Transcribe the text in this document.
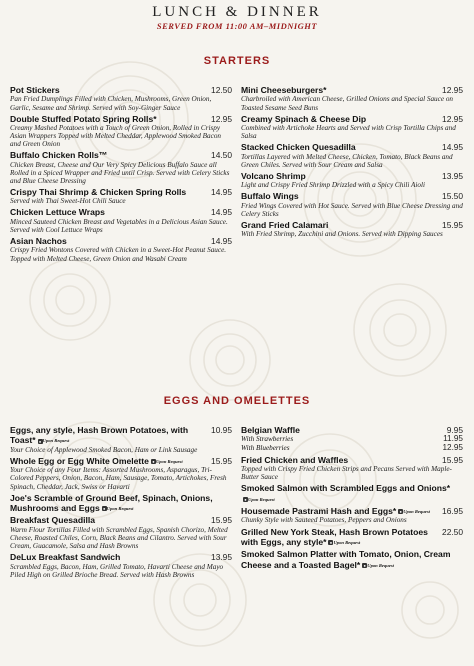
LUNCH & DINNER
SERVED FROM 11:00 AM–MIDNIGHT
STARTERS
Pot Stickers	12.50
Pan Fried Dumplings Filled with Chicken, Mushrooms, Green Onion, Garlic, Sesame and Shrimp. Served with Soy-Ginger Sauce
Double Stuffed Potato Spring Rolls*	12.95
Creamy Mashed Potatoes with a Touch of Green Onion, Rolled in Crispy Asian Wrappers Topped with Melted Cheddar, Applewood Smoked Bacon and Green Onion
Buffalo Chicken Rolls™	14.50
Chicken Breast, Cheese and Our Very Spicy Delicious Buffalo Sauce all Rolled in a Spiced Wrapper and Fried until Crisp. Served with Celery Sticks and Blue Cheese Dressing
Crispy Thai Shrimp & Chicken Spring Rolls	14.95
Served with Thai Sweet-Hot Chili Sauce
Chicken Lettuce Wraps	14.95
Minced Sauteed Chicken Breast and Vegetables in a Delicious Asian Sauce. Served with Cool Lettuce Wraps
Asian Nachos	14.95
Crispy Fried Wontons Covered with Chicken in a Sweet-Hot Peanut Sauce. Topped with Melted Cheese, Green Onion and Wasabi Cream
Mini Cheeseburgers*	12.95
Charbroiled with American Cheese, Grilled Onions and Special Sauce on Toasted Sesame Seed Buns
Creamy Spinach & Cheese Dip	12.95
Combined with Artichoke Hearts and Served with Crisp Tortilla Chips and Salsa
Stacked Chicken Quesadilla	14.95
Tortillas Layered with Melted Cheese, Chicken, Tomato, Black Beans and Green Chiles. Served with Sour Cream and Salsa
Volcano Shrimp	13.95
Light and Crispy Fried Shrimp Drizzled with a Spicy Chili Aioli
Buffalo Wings	15.50
Fried Wings Covered with Hot Sauce. Served with Blue Cheese Dressing and Celery Sticks
Grand Fried Calamari	15.95
With Fried Shrimp, Zucchini and Onions. Served with Dipping Sauces
EGGS AND OMELETTES
Eggs, any style, Hash Brown Potatoes, with Toast* ●Upon Request
10.95
Your Choice of Applewood Smoked Bacon, Ham or Link Sausage
Whole Egg or Egg White Omelette ●Upon Request	15.95
Your Choice of any Four Items: Assorted Mushrooms, Asparagus, Tri-Colored Peppers, Onion, Bacon, Ham, Sausage, Tomato, Artichokes, Fresh Spinach, Cheddar, Jack, Swiss or Havarti
Joe's Scramble of Ground Beef, Spinach, Onions, Mushrooms and Eggs ●Upon Request
Breakfast Quesadilla	15.95
Warm Flour Tortillas Filled with Scrambled Eggs, Spanish Chorizo, Melted Cheese, Roasted Chiles, Corn, Black Beans and Cilantro. Served with Sour Cream, Guacamole, Salsa and Hash Browns
DeLux Breakfast Sandwich	13.95
Scrambled Eggs, Bacon, Ham, Grilled Tomato, Havarti Cheese and Mayo Piled High on Grilled Brioche Bread. Served with Hash Browns
Belgian Waffle	9.95
With Strawberries	11.95
With Blueberries	12.95
Fried Chicken and Waffles	15.95
Topped with Crispy Fried Chicken Strips and Pecans Served with Maple-Butter Sauce
Smoked Salmon with Scrambled Eggs and Onions*●Upon Request
Housemade Pastrami Hash and Eggs* ●Upon Request	16.95
Chunky Style with Sauteed Potatoes, Peppers and Onions
Grilled New York Steak, Hash Brown Potatoes with Eggs, any style* ●Upon Request
22.50
Smoked Salmon Platter with Tomato, Onion, Cream Cheese and a Toasted Bagel* ●Upon Request
